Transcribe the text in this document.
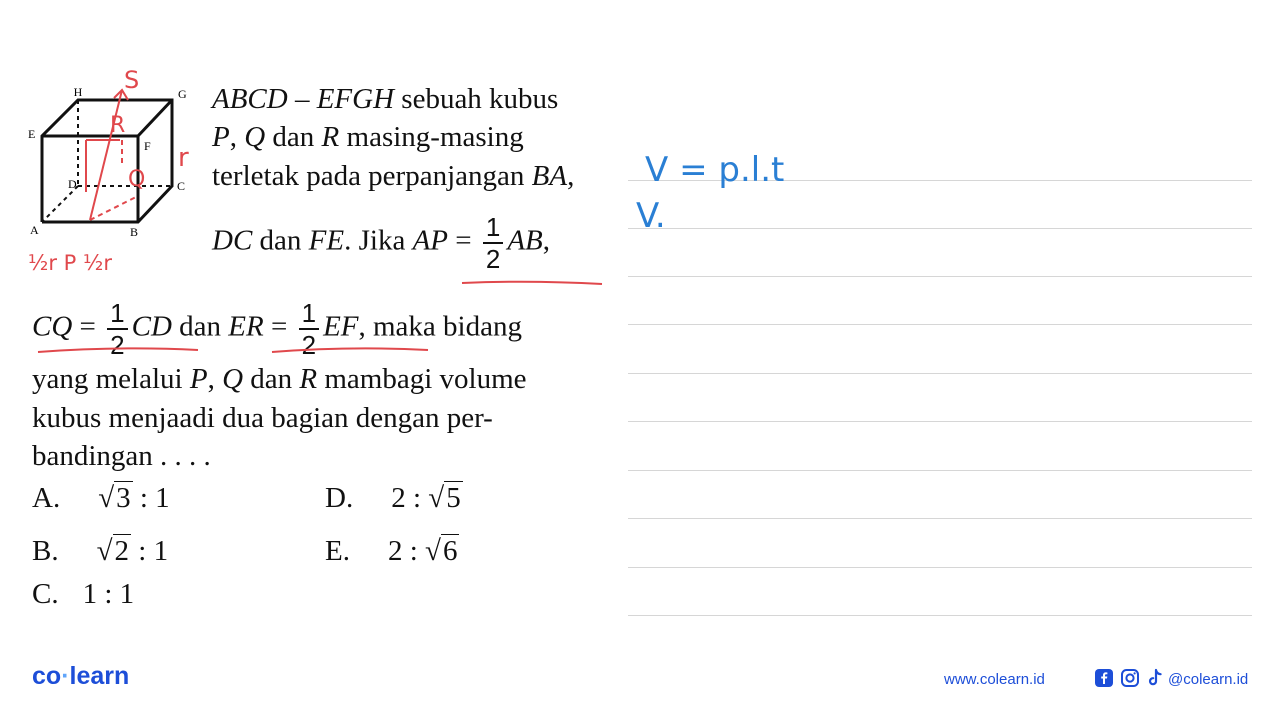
H	G
E
F
D	C
A	B
S
R
r
Q
½r P ½r
ABCD – EFGH sebuah kubus
P, Q dan R masing-masing
terletak pada perpanjangan BA,
DC dan FE. Jika AP = $\frac{1}{2}$ AB,
CQ = $\frac{1}{2}$ CD dan ER = $\frac{1}{2}$ EF, maka bidang
yang melalui P, Q dan R mambagi volume
kubus menjaadi dua bagian dengan per-
bandingan . . . .
A. √3 : 1
B. √2 : 1
C. 1 : 1
D. 2 : √5
E. 2 : √6
V = p.l.t
V.
co·learn	www.colearn.id	@colearn.id
